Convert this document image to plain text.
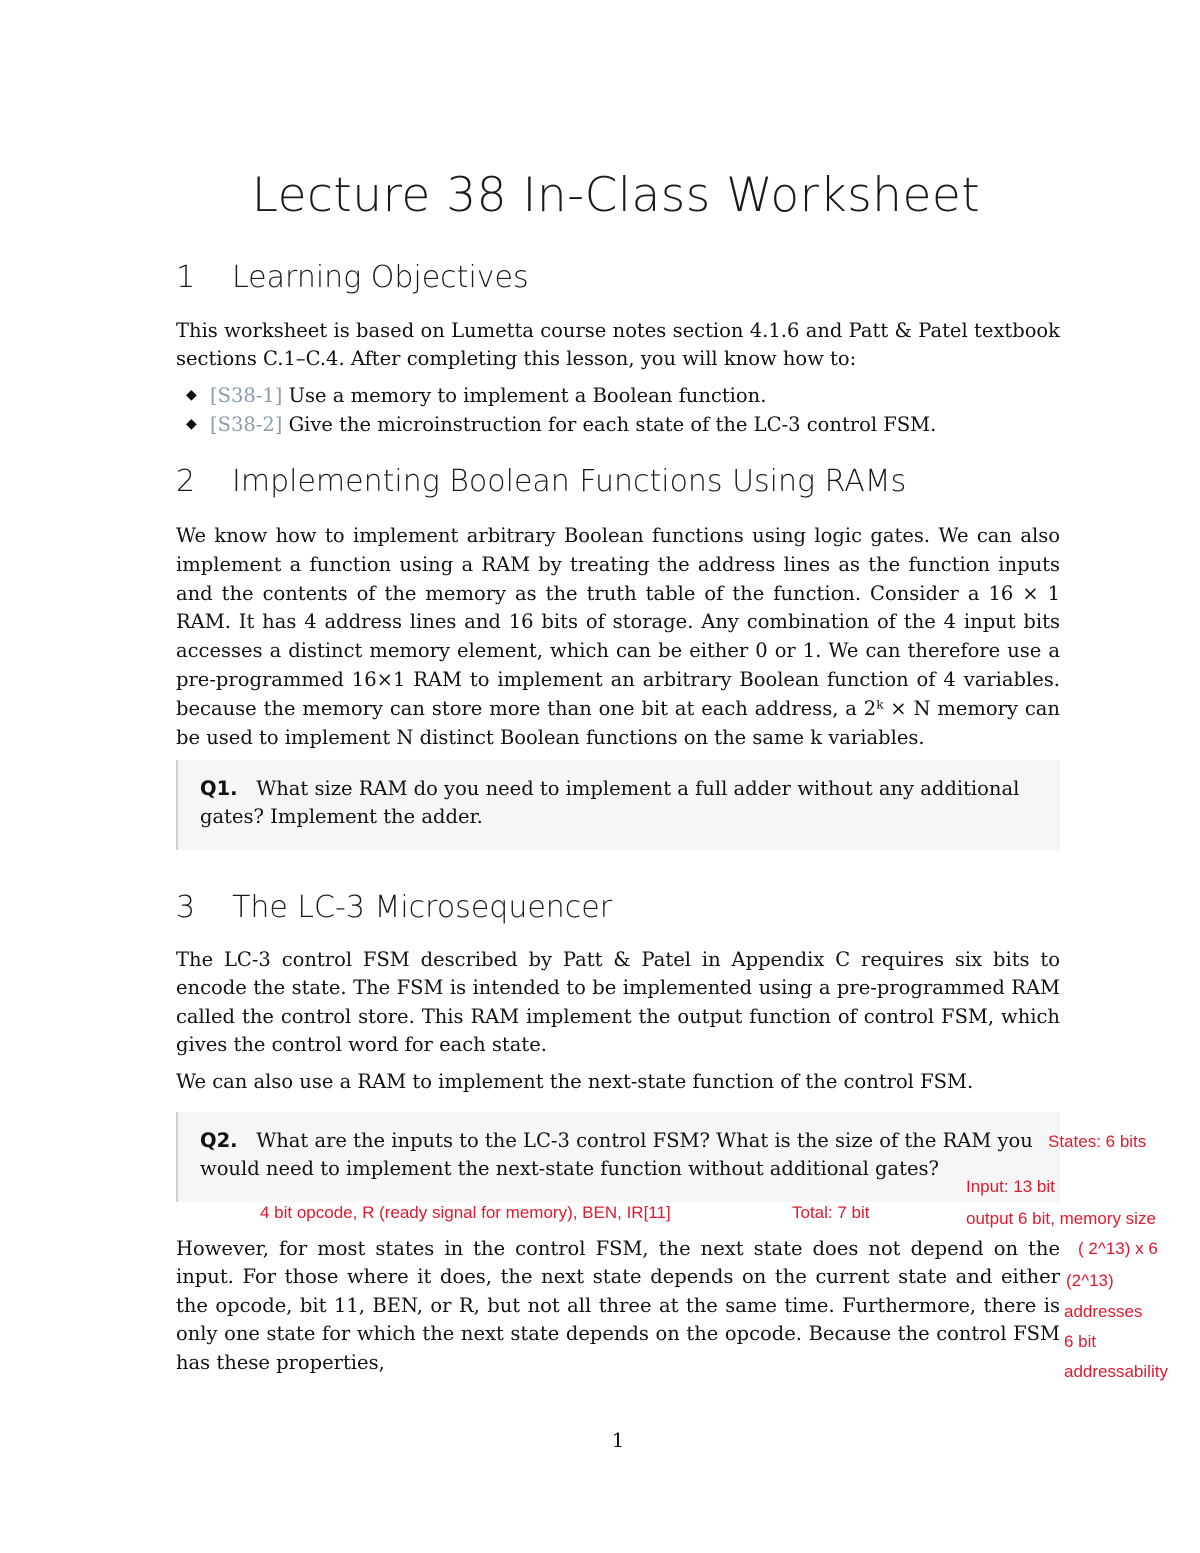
Lecture 38 In-Class Worksheet
1 Learning Objectives

This worksheet is based on Lumetta course notes section 4.1.6 and Patt & Patel textbook sections C.1–C.4. After completing this lesson, you will know how to:

◆ [S38-1] Use a memory to implement a Boolean function.
◆ [S38-2] Give the microinstruction for each state of the LC-3 control FSM.
2 Implementing Boolean Functions Using RAMs

We know how to implement arbitrary Boolean functions using logic gates. We can also implement a function using a RAM by treating the address lines as the function inputs and the contents of the memory as the truth table of the function. Consider a 16 × 1 RAM. It has 4 address lines and 16 bits of storage. Any combination of the 4 input bits accesses a distinct memory element, which can be either 0 or 1. We can therefore use a pre-programmed 16×1 RAM to implement an arbitrary Boolean function of 4 variables. because the memory can store more than one bit at each address, a 2ᵏ × N memory can be used to implement N distinct Boolean functions on the same k variables.

Q1. What size RAM do you need to implement a full adder without any additional gates? Implement the adder.

3 The LC-3 Microsequencer

The LC-3 control FSM described by Patt & Patel in Appendix C requires six bits to encode the state. The FSM is intended to be implemented using a pre-programmed RAM called the control store. This RAM implement the output function of control FSM, which gives the control word for each state.

We can also use a RAM to implement the next-state function of the control FSM.

Q2. What are the inputs to the LC-3 control FSM? What is the size of the RAM you
would need to implement the next-state function without additional gates?

4 bit opcode, R (ready signal for memory), BEN, IR[11]	Total: 7 bit

However, for most states in the control FSM, the next state does not depend on the input. For those where it does, the next state depends on the current state and either the opcode, bit 11, BEN, or R, but not all three at the same time. Furthermore, there is only one state for which the next state depends on the opcode. Because the control FSM has these properties,

States: 6 bits

Input: 13 bit

output 6 bit, memory size

( 2^13) x 6

(2^13)

addresses

6 bit

addressability

1
